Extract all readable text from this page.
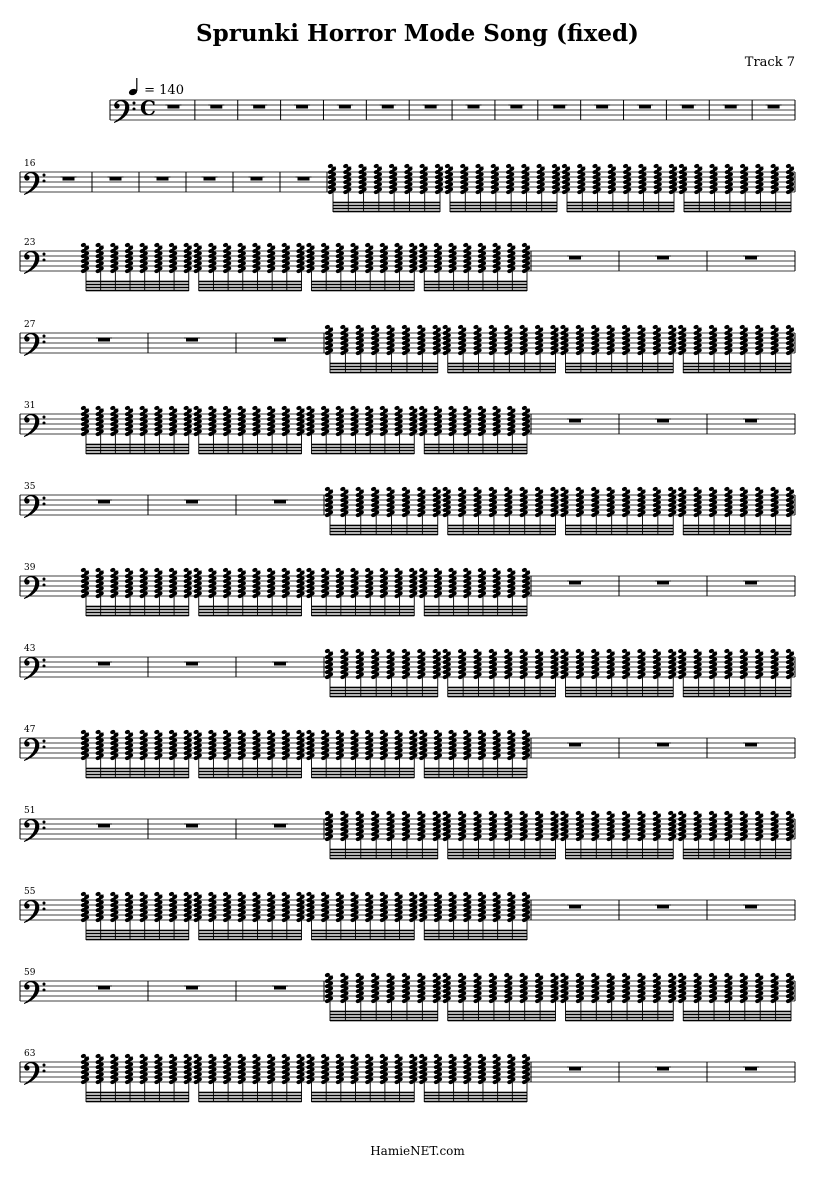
Sprunki Horror Mode Song (fixed)
Track 7
= 140
C
16
23
27
31
35
39
43
47
51
55
59
63
HamieNET.com
